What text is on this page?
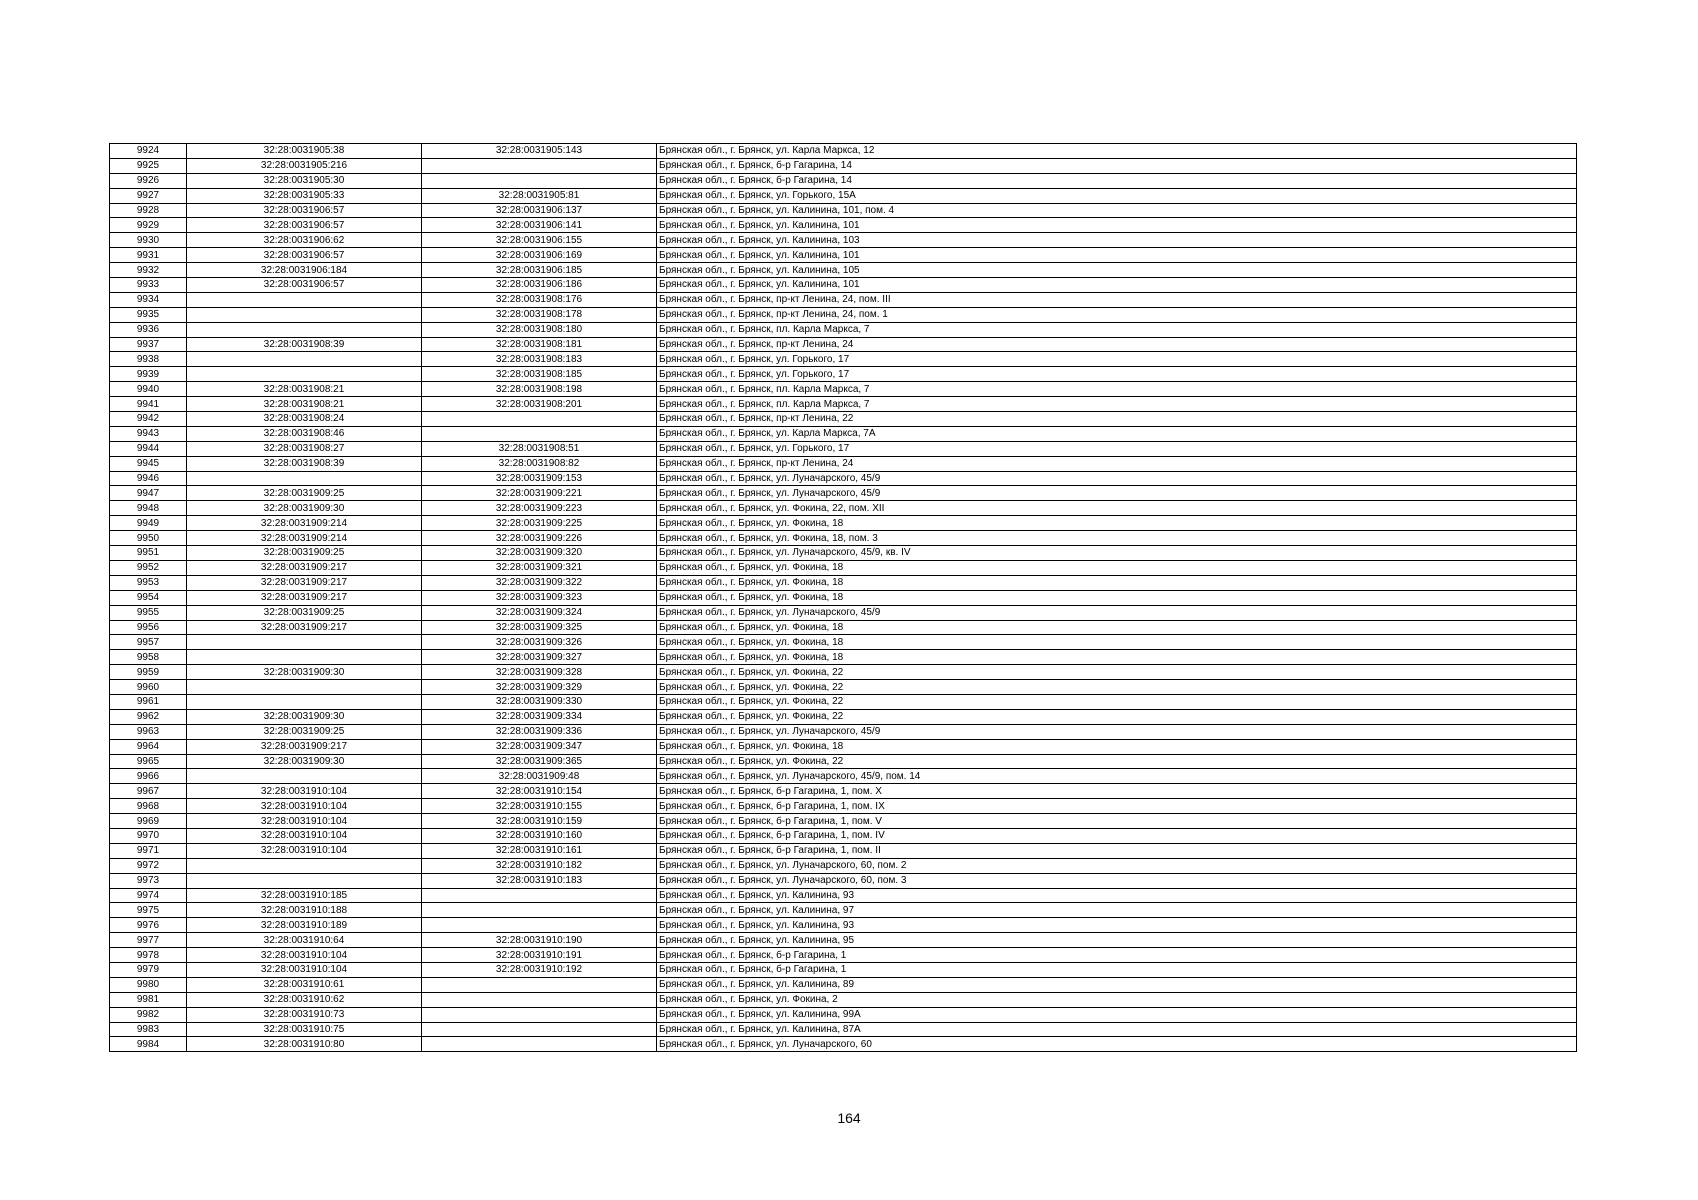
9924	32:28:0031905:38	32:28:0031905:143	Брянская обл., г. Брянск, ул. Карла Маркса, 12
9925	32:28:0031905:216		Брянская обл., г. Брянск, б-р Гагарина, 14
9926	32:28:0031905:30		Брянская обл., г. Брянск, б-р Гагарина, 14
9927	32:28:0031905:33	32:28:0031905:81	Брянская обл., г. Брянск, ул. Горького, 15А
9928	32:28:0031906:57	32:28:0031906:137	Брянская обл., г. Брянск, ул. Калинина, 101, пом. 4
9929	32:28:0031906:57	32:28:0031906:141	Брянская обл., г. Брянск, ул. Калинина, 101
9930	32:28:0031906:62	32:28:0031906:155	Брянская обл., г. Брянск, ул. Калинина, 103
9931	32:28:0031906:57	32:28:0031906:169	Брянская обл., г. Брянск, ул. Калинина, 101
9932	32:28:0031906:184	32:28:0031906:185	Брянская обл., г. Брянск, ул. Калинина, 105
9933	32:28:0031906:57	32:28:0031906:186	Брянская обл., г. Брянск, ул. Калинина, 101
9934		32:28:0031908:176	Брянская обл., г. Брянск, пр-кт Ленина, 24, пом. III
9935		32:28:0031908:178	Брянская обл., г. Брянск, пр-кт Ленина, 24, пом. 1
9936		32:28:0031908:180	Брянская обл., г. Брянск, пл. Карла Маркса, 7
9937	32:28:0031908:39	32:28:0031908:181	Брянская обл., г. Брянск, пр-кт Ленина, 24
9938		32:28:0031908:183	Брянская обл., г. Брянск, ул. Горького, 17
9939		32:28:0031908:185	Брянская обл., г. Брянск, ул. Горького, 17
9940	32:28:0031908:21	32:28:0031908:198	Брянская обл., г. Брянск, пл. Карла Маркса, 7
9941	32:28:0031908:21	32:28:0031908:201	Брянская обл., г. Брянск, пл. Карла Маркса, 7
9942	32:28:0031908:24		Брянская обл., г. Брянск, пр-кт Ленина, 22
9943	32:28:0031908:46		Брянская обл., г. Брянск, ул. Карла Маркса, 7А
9944	32:28:0031908:27	32:28:0031908:51	Брянская обл., г. Брянск, ул. Горького, 17
9945	32:28:0031908:39	32:28:0031908:82	Брянская обл., г. Брянск, пр-кт Ленина, 24
9946		32:28:0031909:153	Брянская обл., г. Брянск, ул. Луначарского, 45/9
9947	32:28:0031909:25	32:28:0031909:221	Брянская обл., г. Брянск, ул. Луначарского, 45/9
9948	32:28:0031909:30	32:28:0031909:223	Брянская обл., г. Брянск, ул. Фокина, 22, пом. XII
9949	32:28:0031909:214	32:28:0031909:225	Брянская обл., г. Брянск, ул. Фокина, 18
9950	32:28:0031909:214	32:28:0031909:226	Брянская обл., г. Брянск, ул. Фокина, 18, пом. 3
9951	32:28:0031909:25	32:28:0031909:320	Брянская обл., г. Брянск, ул. Луначарского, 45/9, кв. IV
9952	32:28:0031909:217	32:28:0031909:321	Брянская обл., г. Брянск, ул. Фокина, 18
9953	32:28:0031909:217	32:28:0031909:322	Брянская обл., г. Брянск, ул. Фокина, 18
9954	32:28:0031909:217	32:28:0031909:323	Брянская обл., г. Брянск, ул. Фокина, 18
9955	32:28:0031909:25	32:28:0031909:324	Брянская обл., г. Брянск, ул. Луначарского, 45/9
9956	32:28:0031909:217	32:28:0031909:325	Брянская обл., г. Брянск, ул. Фокина, 18
9957		32:28:0031909:326	Брянская обл., г. Брянск, ул. Фокина, 18
9958		32:28:0031909:327	Брянская обл., г. Брянск, ул. Фокина, 18
9959	32:28:0031909:30	32:28:0031909:328	Брянская обл., г. Брянск, ул. Фокина, 22
9960		32:28:0031909:329	Брянская обл., г. Брянск, ул. Фокина, 22
9961		32:28:0031909:330	Брянская обл., г. Брянск, ул. Фокина, 22
9962	32:28:0031909:30	32:28:0031909:334	Брянская обл., г. Брянск, ул. Фокина, 22
9963	32:28:0031909:25	32:28:0031909:336	Брянская обл., г. Брянск, ул. Луначарского, 45/9
9964	32:28:0031909:217	32:28:0031909:347	Брянская обл., г. Брянск, ул. Фокина, 18
9965	32:28:0031909:30	32:28:0031909:365	Брянская обл., г. Брянск, ул. Фокина, 22
9966		32:28:0031909:48	Брянская обл., г. Брянск, ул. Луначарского, 45/9, пом. 14
9967	32:28:0031910:104	32:28:0031910:154	Брянская обл., г. Брянск, б-р Гагарина, 1, пом. X
9968	32:28:0031910:104	32:28:0031910:155	Брянская обл., г. Брянск, б-р Гагарина, 1, пом. IX
9969	32:28:0031910:104	32:28:0031910:159	Брянская обл., г. Брянск, б-р Гагарина, 1, пом. V
9970	32:28:0031910:104	32:28:0031910:160	Брянская обл., г. Брянск, б-р Гагарина, 1, пом. IV
9971	32:28:0031910:104	32:28:0031910:161	Брянская обл., г. Брянск, б-р Гагарина, 1, пом. II
9972		32:28:0031910:182	Брянская обл., г. Брянск, ул. Луначарского, 60, пом. 2
9973		32:28:0031910:183	Брянская обл., г. Брянск, ул. Луначарского, 60, пом. 3
9974	32:28:0031910:185		Брянская обл., г. Брянск, ул. Калинина, 93
9975	32:28:0031910:188		Брянская обл., г. Брянск, ул. Калинина, 97
9976	32:28:0031910:189		Брянская обл., г. Брянск, ул. Калинина, 93
9977	32:28:0031910:64	32:28:0031910:190	Брянская обл., г. Брянск, ул. Калинина, 95
9978	32:28:0031910:104	32:28:0031910:191	Брянская обл., г. Брянск, б-р Гагарина, 1
9979	32:28:0031910:104	32:28:0031910:192	Брянская обл., г. Брянск, б-р Гагарина, 1
9980	32:28:0031910:61		Брянская обл., г. Брянск, ул. Калинина, 89
9981	32:28:0031910:62		Брянская обл., г. Брянск, ул. Фокина, 2
9982	32:28:0031910:73		Брянская обл., г. Брянск, ул. Калинина, 99А
9983	32:28:0031910:75		Брянская обл., г. Брянск, ул. Калинина, 87А
9984	32:28:0031910:80		Брянская обл., г. Брянск, ул. Луначарского, 60
164
